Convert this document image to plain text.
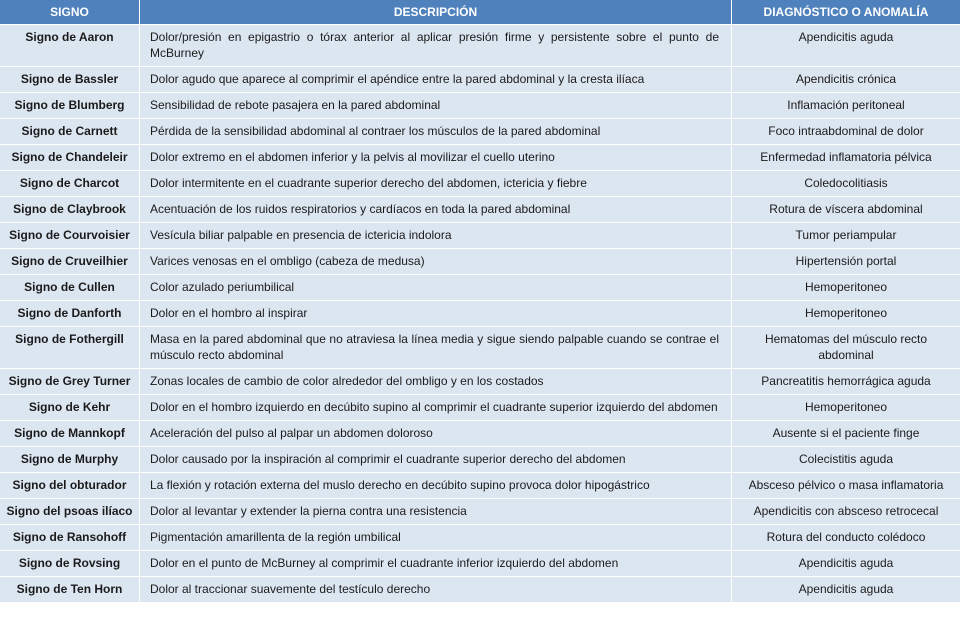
SIGNO	DESCRIPCIÓN	DIAGNÓSTICO O ANOMALÍA
Signo de Aaron	Dolor/presión en epigastrio o tórax anterior al aplicar presión firme y persistente sobre el punto de McBurney	Apendicitis aguda
Signo de Bassler	Dolor agudo que aparece al comprimir el apéndice entre la pared abdominal y la cresta ilíaca	Apendicitis crónica
Signo de Blumberg	Sensibilidad de rebote pasajera en la pared abdominal	Inflamación peritoneal
Signo de Carnett	Pérdida de la sensibilidad abdominal al contraer los músculos de la pared abdominal	Foco intraabdominal de dolor
Signo de Chandeleir	Dolor extremo en el abdomen inferior y la pelvis al movilizar el cuello uterino	Enfermedad inflamatoria pélvica
Signo de Charcot	Dolor intermitente en el cuadrante superior derecho del abdomen, ictericia y fiebre	Coledocolitiasis
Signo de Claybrook	Acentuación de los ruidos respiratorios y cardíacos en toda la pared abdominal	Rotura de víscera abdominal
Signo de Courvoisier	Vesícula biliar palpable en presencia de ictericia indolora	Tumor periampular
Signo de Cruveilhier	Varices venosas en el ombligo (cabeza de medusa)	Hipertensión portal
Signo de Cullen	Color azulado periumbilical	Hemoperitoneo
Signo de Danforth	Dolor en el hombro al inspirar	Hemoperitoneo
Signo de Fothergill	Masa en la pared abdominal que no atraviesa la línea media y sigue siendo palpable cuando se contrae el músculo recto abdominal	Hematomas del músculo recto abdominal
Signo de Grey Turner	Zonas locales de cambio de color alrededor del ombligo y en los costados	Pancreatitis hemorrágica aguda
Signo de Kehr	Dolor en el hombro izquierdo en decúbito supino al comprimir el cuadrante superior izquierdo del abdomen	Hemoperitoneo
Signo de Mannkopf	Aceleración del pulso al palpar un abdomen doloroso	Ausente si el paciente finge
Signo de Murphy	Dolor causado por la inspiración al comprimir el cuadrante superior derecho del abdomen	Colecistitis aguda
Signo del obturador	La flexión y rotación externa del muslo derecho en decúbito supino provoca dolor hipogástrico	Absceso pélvico o masa inflamatoria
Signo del psoas ilíaco	Dolor al levantar y extender la pierna contra una resistencia	Apendicitis con absceso retrocecal
Signo de Ransohoff	Pigmentación amarillenta de la región umbilical	Rotura del conducto colédoco
Signo de Rovsing	Dolor en el punto de McBurney al comprimir el cuadrante inferior izquierdo del abdomen	Apendicitis aguda
Signo de Ten Horn	Dolor al traccionar suavemente del testículo derecho	Apendicitis aguda
